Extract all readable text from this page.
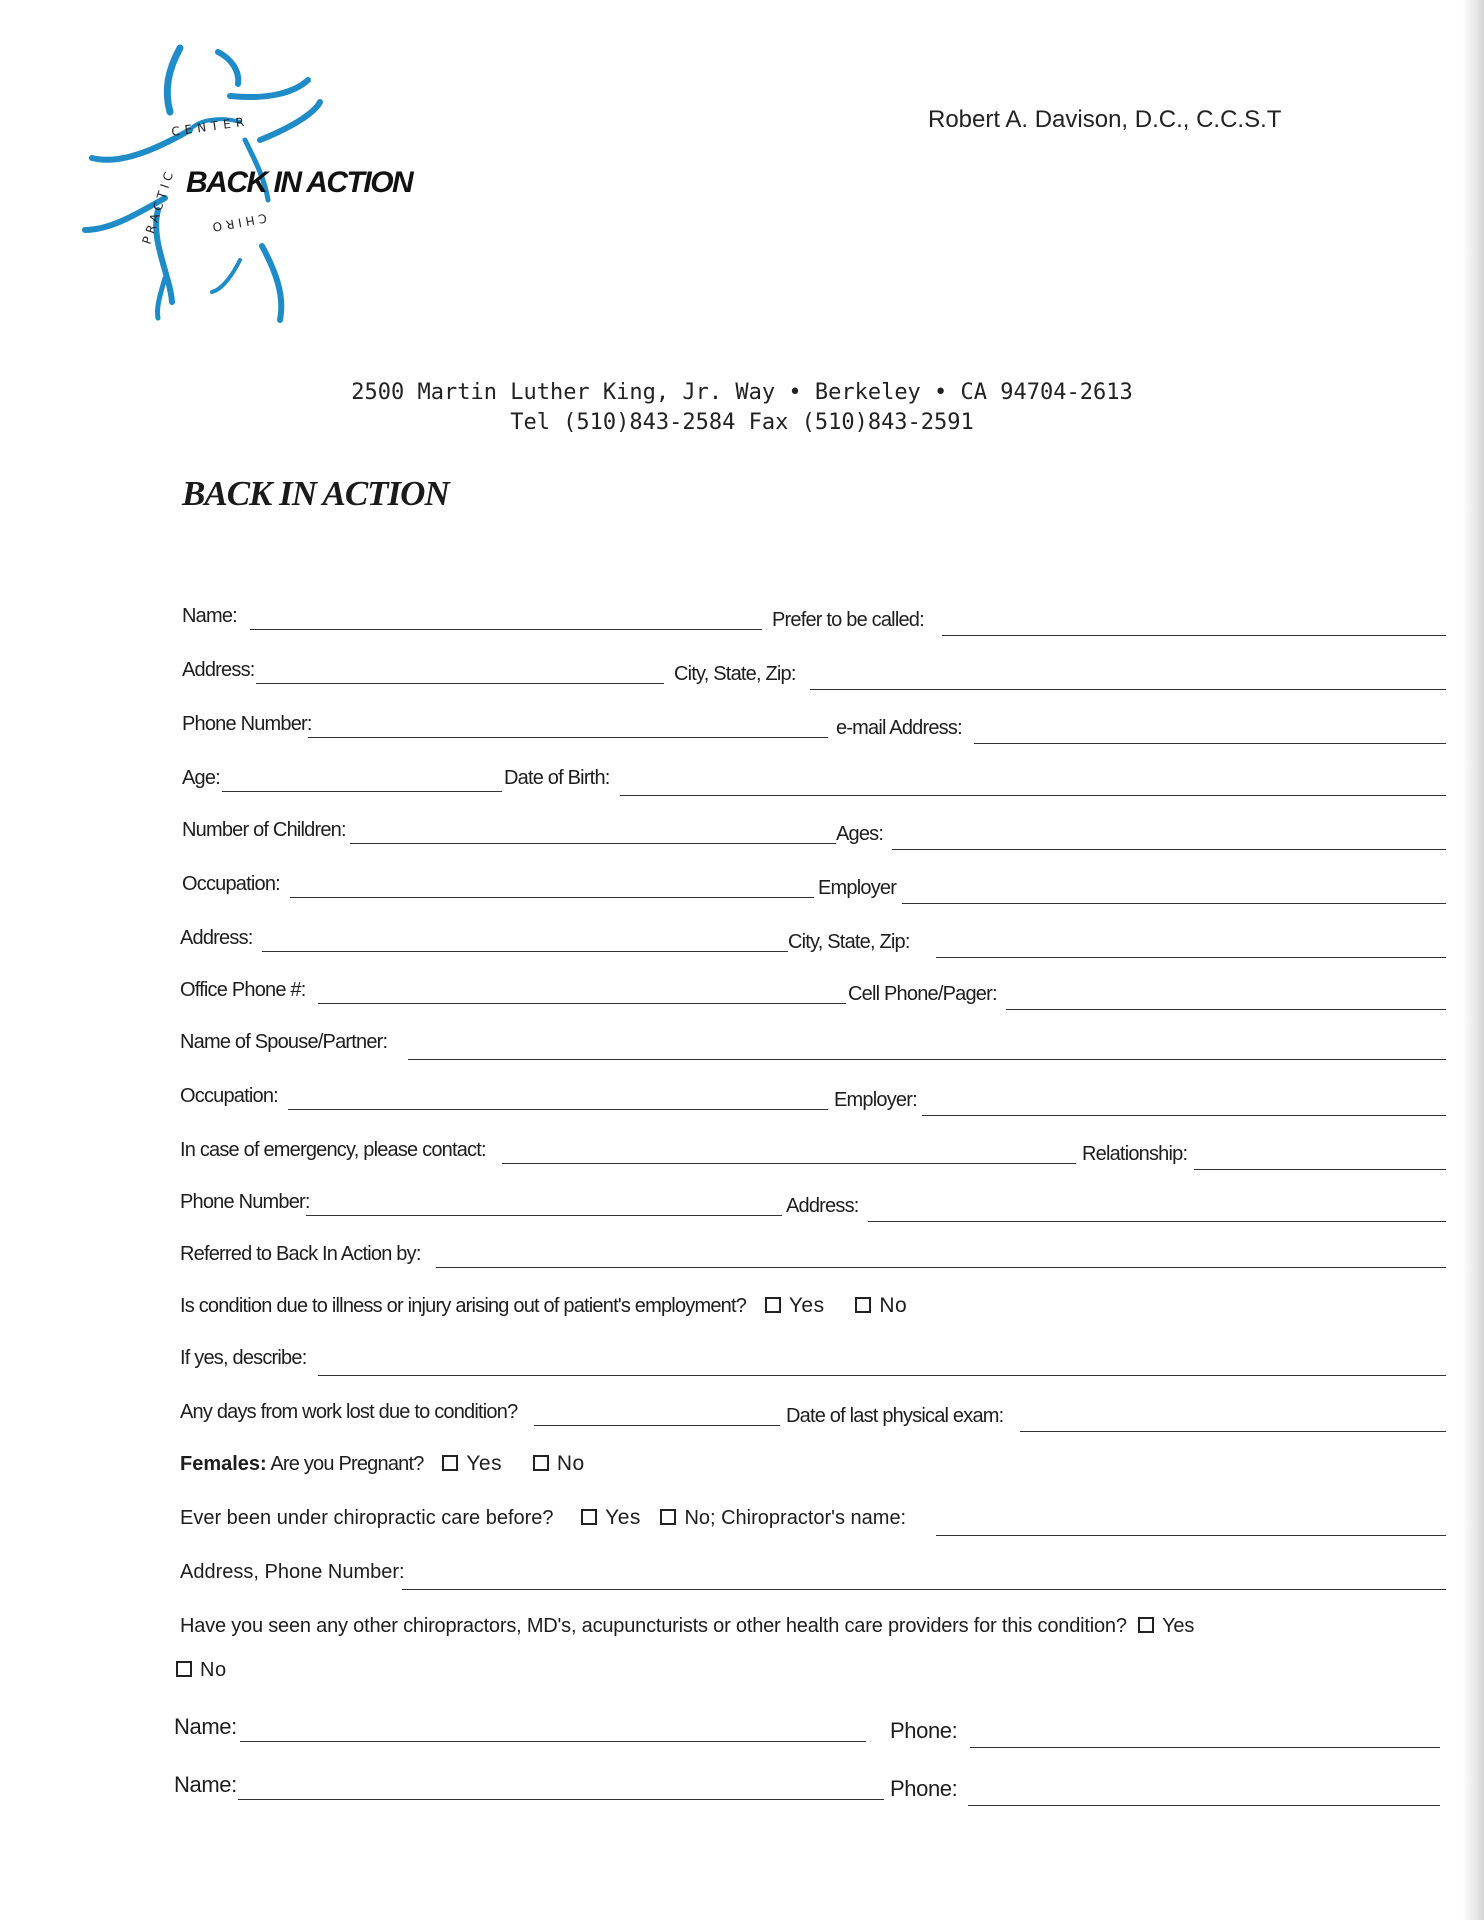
CENTER
PRACTIC	CHIRO
BACK IN ACTION
Robert A. Davison, D.C., C.C.S.T
2500 Martin Luther King, Jr. Way • Berkeley • CA 94704-2613
Tel (510)843-2584 Fax (510)843-2591
BACK IN ACTION
Name:	Prefer to be called:
Address:	City, State, Zip:
Phone Number:	e-mail Address:
Age:	Date of Birth:
Number of Children:	Ages:
Occupation:	Employer
Address:	City, State, Zip:
Office Phone #:	Cell Phone/Pager:
Name of Spouse/Partner:
Occupation:	Employer:
In case of emergency, please contact:	Relationship:
Phone Number:	Address:
Referred to Back In Action by:
Is condition due to illness or injury arising out of patient's employment? Yes	No
If yes, describe:
Any days from work lost due to condition?	Date of last physical exam:
Females: Are you Pregnant? Yes	No
Ever been under chiropractic care before? Yes No; Chiropractor's name:
Address, Phone Number:
Have you seen any other chiropractors, MD's, acupuncturists or other health care providers for this condition? Yes
No
Name:	Phone:
Name:	Phone:
